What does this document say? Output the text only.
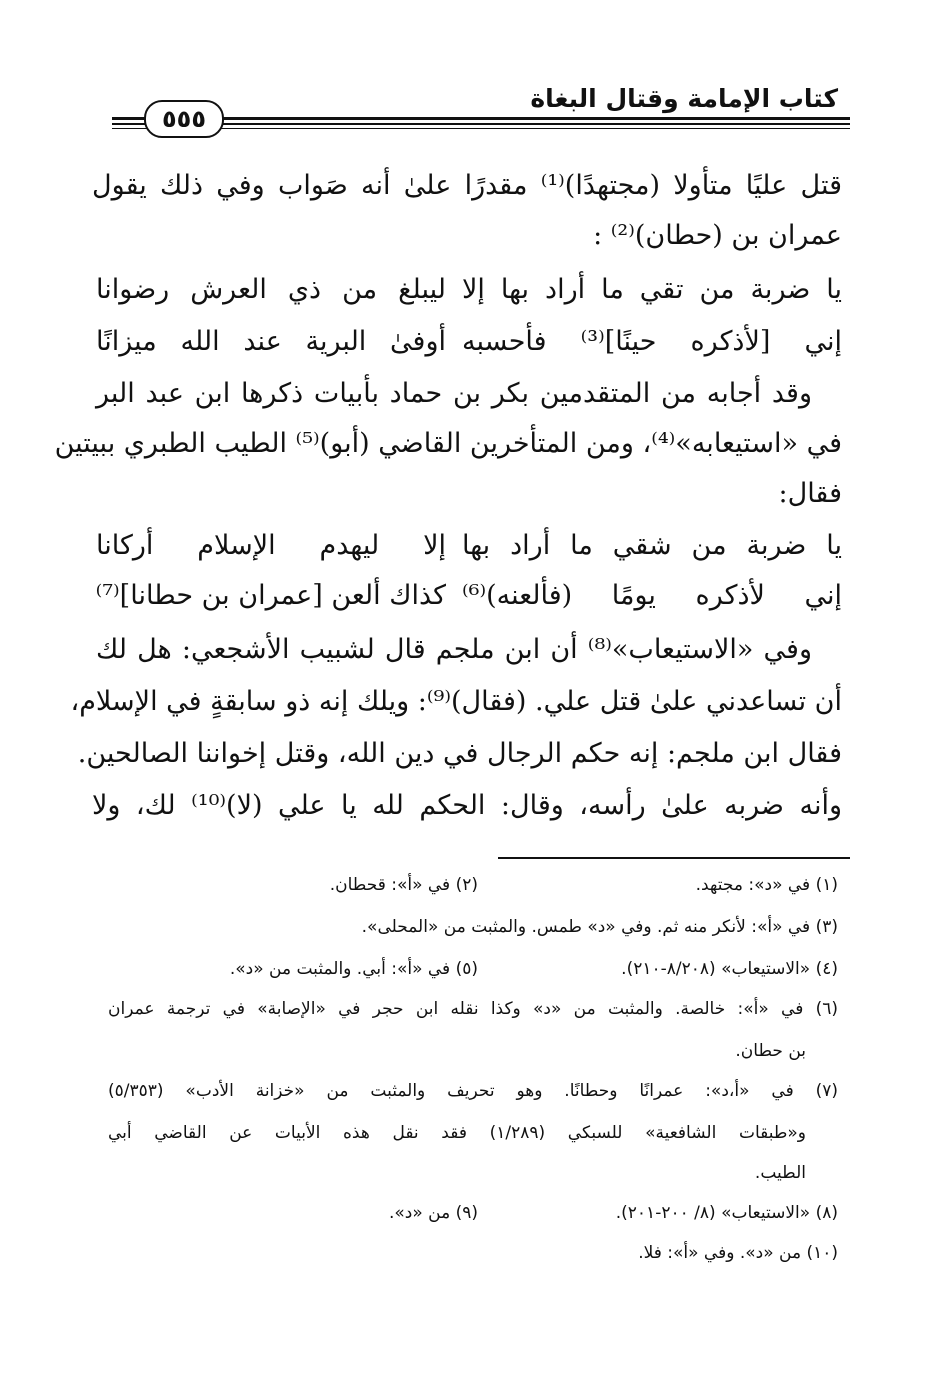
كتاب الإمامة وقتال البغاة
٥٥٥
قتل عليًا متأولا (مجتهدًا)⁽¹⁾ مقدرًا علىٰ أنه صَواب وفي ذلك يقول
عمران بن (حطان)⁽²⁾ :
يا ضربة من تقي ما أراد بها إلا
ليبلغ من ذي العرش رضوانا
إني [لأذكره حينًا]⁽³⁾ فأحسبه
أوفىٰ البرية عند الله ميزانًا
وقد أجابه من المتقدمين بكر بن حماد بأبيات ذكرها ابن عبد البر
في «استيعابه»⁽⁴⁾، ومن المتأخرين القاضي (أبو)⁽⁵⁾ الطيب الطبري ببيتين
فقال:
يا ضربة من شقي ما أراد بها
إلا ليهدم الإسلام أركانا
إني لأذكره يومًا (فألعنه)⁽⁶⁾
كذاك ألعن [عمران بن حطانا]⁽⁷⁾
وفي «الاستيعاب»⁽⁸⁾ أن ابن ملجم قال لشبيب الأشجعي: هل لك
أن تساعدني علىٰ قتل علي. (فقال)⁽⁹⁾: ويلك إنه ذو سابقةٍ في الإسلام،
فقال ابن ملجم: إنه حكم الرجال في دين الله، وقتل إخواننا الصالحين.
وأنه ضربه علىٰ رأسه، وقال: الحكم لله يا علي (لا)⁽¹⁰⁾ لك، ولا
(١) في «د»: مجتهد.
(٢) في «أ»: قحطان.
(٣) في «أ»: لأنكر منه ثم. وفي «د» طمس. والمثبت من «المحلى».
(٤) «الاستيعاب» (٨/٢٠٨-٢١٠).
(٥) في «أ»: أبي. والمثبت من «د».
(٦) في «أ»: خالصة. والمثبت من «د» وكذا نقله ابن حجر في «الإصابة» في ترجمة عمران
بن حطان.
(٧) في «أ،د»: عمرانًا وحطانًا. وهو تحريف والمثبت من «خزانة الأدب» (٥/٣٥٣)
و«طبقات الشافعية» للسبكي (١/٢٨٩) فقد نقل هذه الأبيات عن القاضي أبي
الطيب.
(٨) «الاستيعاب» (٨/ ٢٠٠-٢٠١).
(٩) من «د».
(١٠) من «د». وفي «أ»: فلا.
